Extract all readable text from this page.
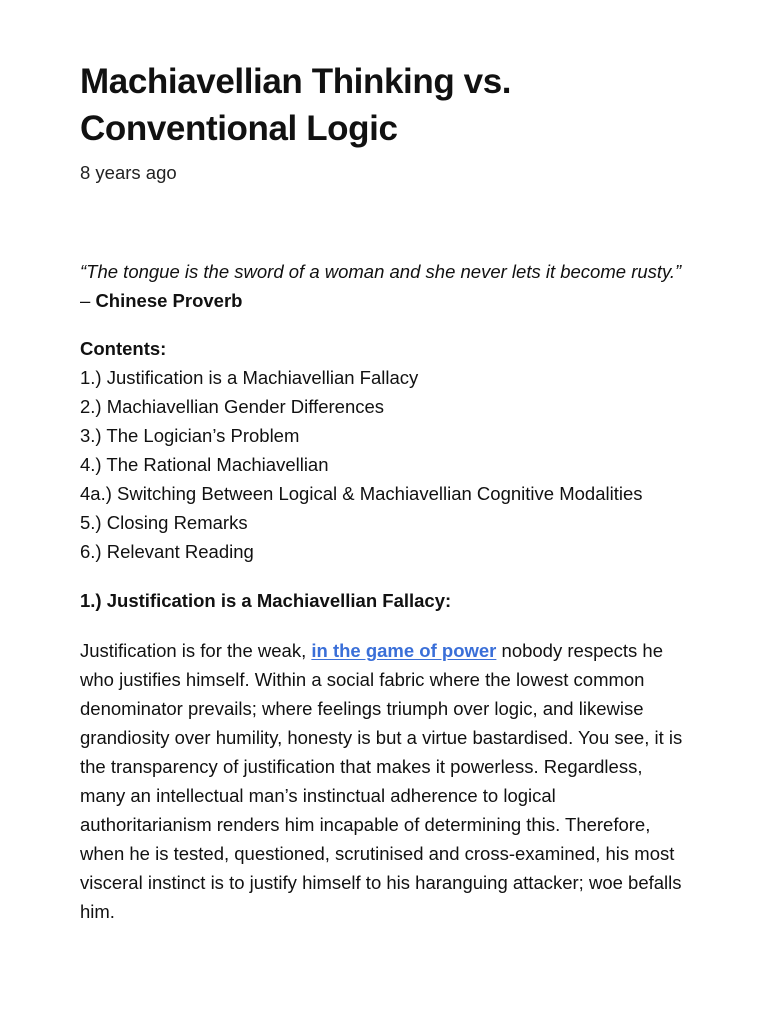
Machiavellian Thinking vs. Conventional Logic
8 years ago

“The tongue is the sword of a woman and she never lets it become rusty.” – Chinese Proverb

Contents:
1.) Justification is a Machiavellian Fallacy
2.) Machiavellian Gender Differences
3.) The Logician’s Problem
4.) The Rational Machiavellian
4a.) Switching Between Logical & Machiavellian Cognitive Modalities
5.) Closing Remarks
6.) Relevant Reading
1.) Justification is a Machiavellian Fallacy:

Justification is for the weak, in the game of power nobody respects he who justifies himself. Within a social fabric where the lowest common denominator prevails; where feelings triumph over logic, and likewise grandiosity over humility, honesty is but a virtue bastardised. You see, it is the transparency of justification that makes it powerless. Regardless, many an intellectual man’s instinctual adherence to logical authoritarianism renders him incapable of determining this. Therefore, when he is tested, questioned, scrutinised and cross-examined, his most visceral instinct is to justify himself to his haranguing attacker; woe befalls him.
